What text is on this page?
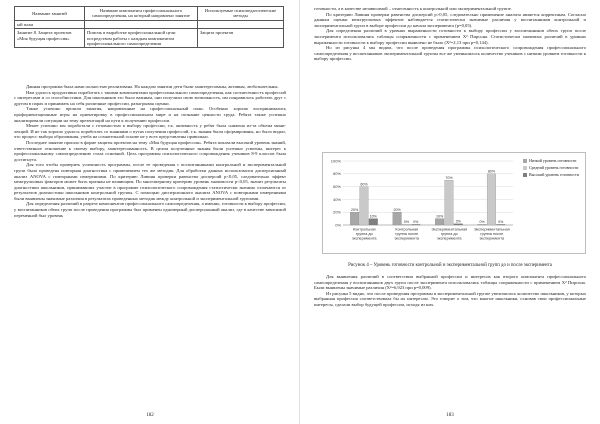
Название занятий	Название компонента профессионального самоопределения, на который направлено занятие	Используемые психопедагогические методы
ый план		
Занятие 8. Защита проектов «Моя будущая профессия»	Помочь в выработке профессиональной цели посредством работы с каждым компонентом профессионального самоопределения	Защита проектов

Данная программа была нами полностью реализована. На каждом занятии дети были заинтересованы, активны, любознательны.

Нам удалось продуктивно поработать с такими компонентами профессионального самоопределения, как соотнесенность профессий с интересами и со способностями. Для школьников это было важным, они получили свою возможность, им понравилось работать друг с другом в парах и принимать на себя различные профессии, разыгрывая сценки.

Также успешно прошли занятия, направленные на профессиональный план. Особенно хорошо воспринимались профориентационные игры на ориентировку в профессиональном мире и на познание ценности труда. Ребята также успешно анализировали ситуации на тему презентаций на пути к получению профессии.

Менее успешно мы поработали с готовностью к выбору профессии, т.к. активность у ребят была снижена из-за объема мини-лекций. И не так хорошо удалось поработать со знаниями о путях получения профессий, т.к. знания были сформированы, но было видно, что процесс выбора образования, учеба на сознательной основе не у всех представлены правильно.

Последнее занятие прошло в форме защиты проектов на тему «Моя будущая профессия». Ребята показали высокий уровень знаний, ответственное отношение к своему выбору, заинтересованность. В целом полученные знания были успешно усвоены, интерес к профессиональному самоопределению стала основной. Цель программы психологического сопровождения учеников 8-9 классов была достигнута.

Для того чтобы проверить успешность программы, после ее проведения с воспитанниками контрольной и экспериментальной групп была проведена повторная диагностика с применением тех же методик. Для обработки данных использовался дисперсионный анализ ANOVA с повторными измерениями. По критерию Ливиня проверки равенства дисперсий р<0,05, следовательно эффект межгрупповых факторов может быть признан не влияющим. По многомерному критерию уровень значимости р<0,05, значит результаты диагностики школьников, принимавших участие в программе психологического сопровождения статистически значимо отличаются от результатов диагностики школьников контрольной группы. С помощью дисперсионного анализа ANOVA с повторными измерениями были выявлены значимые различия в результатах проведенных методик между контрольной и экспериментальной группами.

Для определения различий в разрезе компонентов профессионального самоопределения, а именно, готовности к выбору профессии, у воспитанников обеих групп после проведения программы был применен одномерный дисперсионный анализ, где в качестве зависимой переменной был уровень

182

готовности, а в качестве независимой – отнесенность к контрольной или экспериментальной группе.

По критерию Ливиня проверки равенства дисперсий р>0,05, следовательно применение анализа является корректным. Согласно данным оценки межгрупповых эффектов наблюдается статистически значимые различия у воспитанников контрольной и экспериментальной групп в выборе профессии до начала эксперимента (р=0,05).

Для определения различий в уровнях выраженности готовности к выбору профессии у воспитанников обеих групп после эксперимента использовались таблицы сопряженности с применением X² Пирсона. Статистически значимых различий в уровнях выраженности готовности к выбору профессии выявлено не было (X²=2,13 при р=0,144).

Но из рисунка 4 мы видим, что после проведения программы психологического сопровождения профессионального самоопределения у воспитанников экспериментальной группы все же уменьшилось количество учеников с низким уровнем готовности к выбору профессии.

0%
20%
40%
60%
80%
100%
20%
60%
10%
Контрольная группа до эксперимента
20%
0% 0%
Контрольная группа после эксперимента
10%
70%
2%
Экспериментальная группа до эксперимента
0%
80%
0%
Экспериментальная группа после эксперимента
Низкий уровень готовности
Средний уровень готовности
Высокий уровень готовности

Рисунок 4 – Уровень готовности контрольной и экспериментальной групп до и после эксперимента

Для выявления различий в соответствии выбранной профессии и интересов как второго компонента профессионального самоопределения у воспитанников двух групп после эксперимента использовались таблицы сопряженности с применением X² Пирсона. Были выявлены значимые различия (X²=6,923 при р=0,009).

Из рисунка 5 видно, что после проведения программы в экспериментальной группе увеличилось количество школьников, у которых выбранная профессия соответствовала бы их интересам. Это говорит о том, что многие школьники, основав свои профессиональные интересы, сделали выбор будущей профессии, исходя из них.

183
